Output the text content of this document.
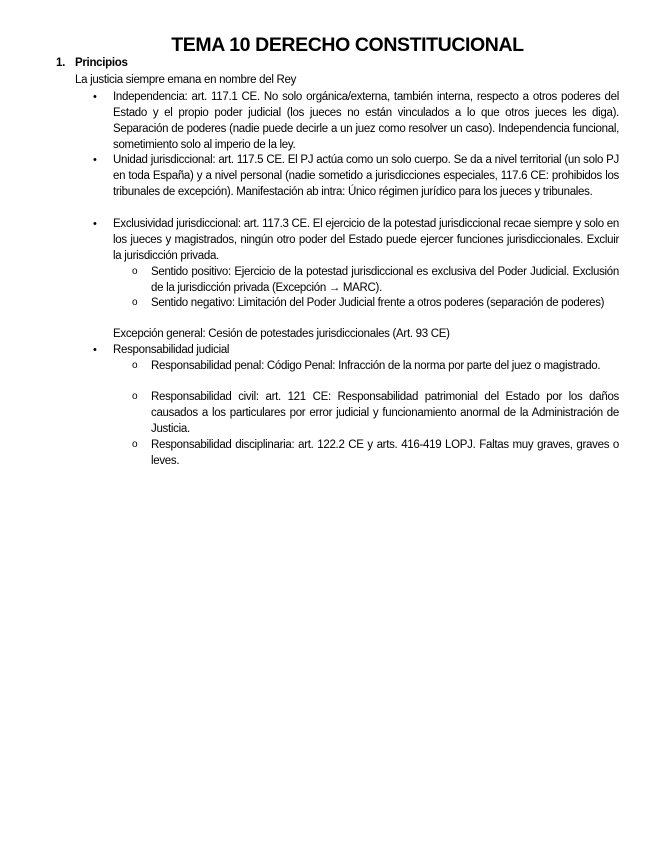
TEMA 10 DERECHO CONSTITUCIONAL
1. Principios
La justicia siempre emana en nombre del Rey
• Independencia: art. 117.1 CE. No solo orgánica/externa, también interna, respecto a otros poderes del Estado y el propio poder judicial (los jueces no están vinculados a lo que otros jueces les diga). Separación de poderes (nadie puede decirle a un juez como resolver un caso). Independencia funcional, sometimiento solo al imperio de la ley.
• Unidad jurisdiccional: art. 117.5 CE. El PJ actúa como un solo cuerpo. Se da a nivel territorial (un solo PJ en toda España) y a nivel personal (nadie sometido a jurisdicciones especiales, 117.6 CE: prohibidos los tribunales de excepción). Manifestación ab intra: Único régimen jurídico para los jueces y tribunales.
• Exclusividad jurisdiccional: art. 117.3 CE. El ejercicio de la potestad jurisdiccional recae siempre y solo en los jueces y magistrados, ningún otro poder del Estado puede ejercer funciones jurisdiccionales. Excluir la jurisdicción privada.
o Sentido positivo: Ejercicio de la potestad jurisdiccional es exclusiva del Poder Judicial. Exclusión de la jurisdicción privada (Excepción → MARC).
o Sentido negativo: Limitación del Poder Judicial frente a otros poderes (separación de poderes)
Excepción general: Cesión de potestades jurisdiccionales (Art. 93 CE)
• Responsabilidad judicial
o Responsabilidad penal: Código Penal: Infracción de la norma por parte del juez o magistrado.
o Responsabilidad civil: art. 121 CE: Responsabilidad patrimonial del Estado por los daños causados a los particulares por error judicial y funcionamiento anormal de la Administración de Justicia.
o Responsabilidad disciplinaria: art. 122.2 CE y arts. 416-419 LOPJ. Faltas muy graves, graves o leves.
